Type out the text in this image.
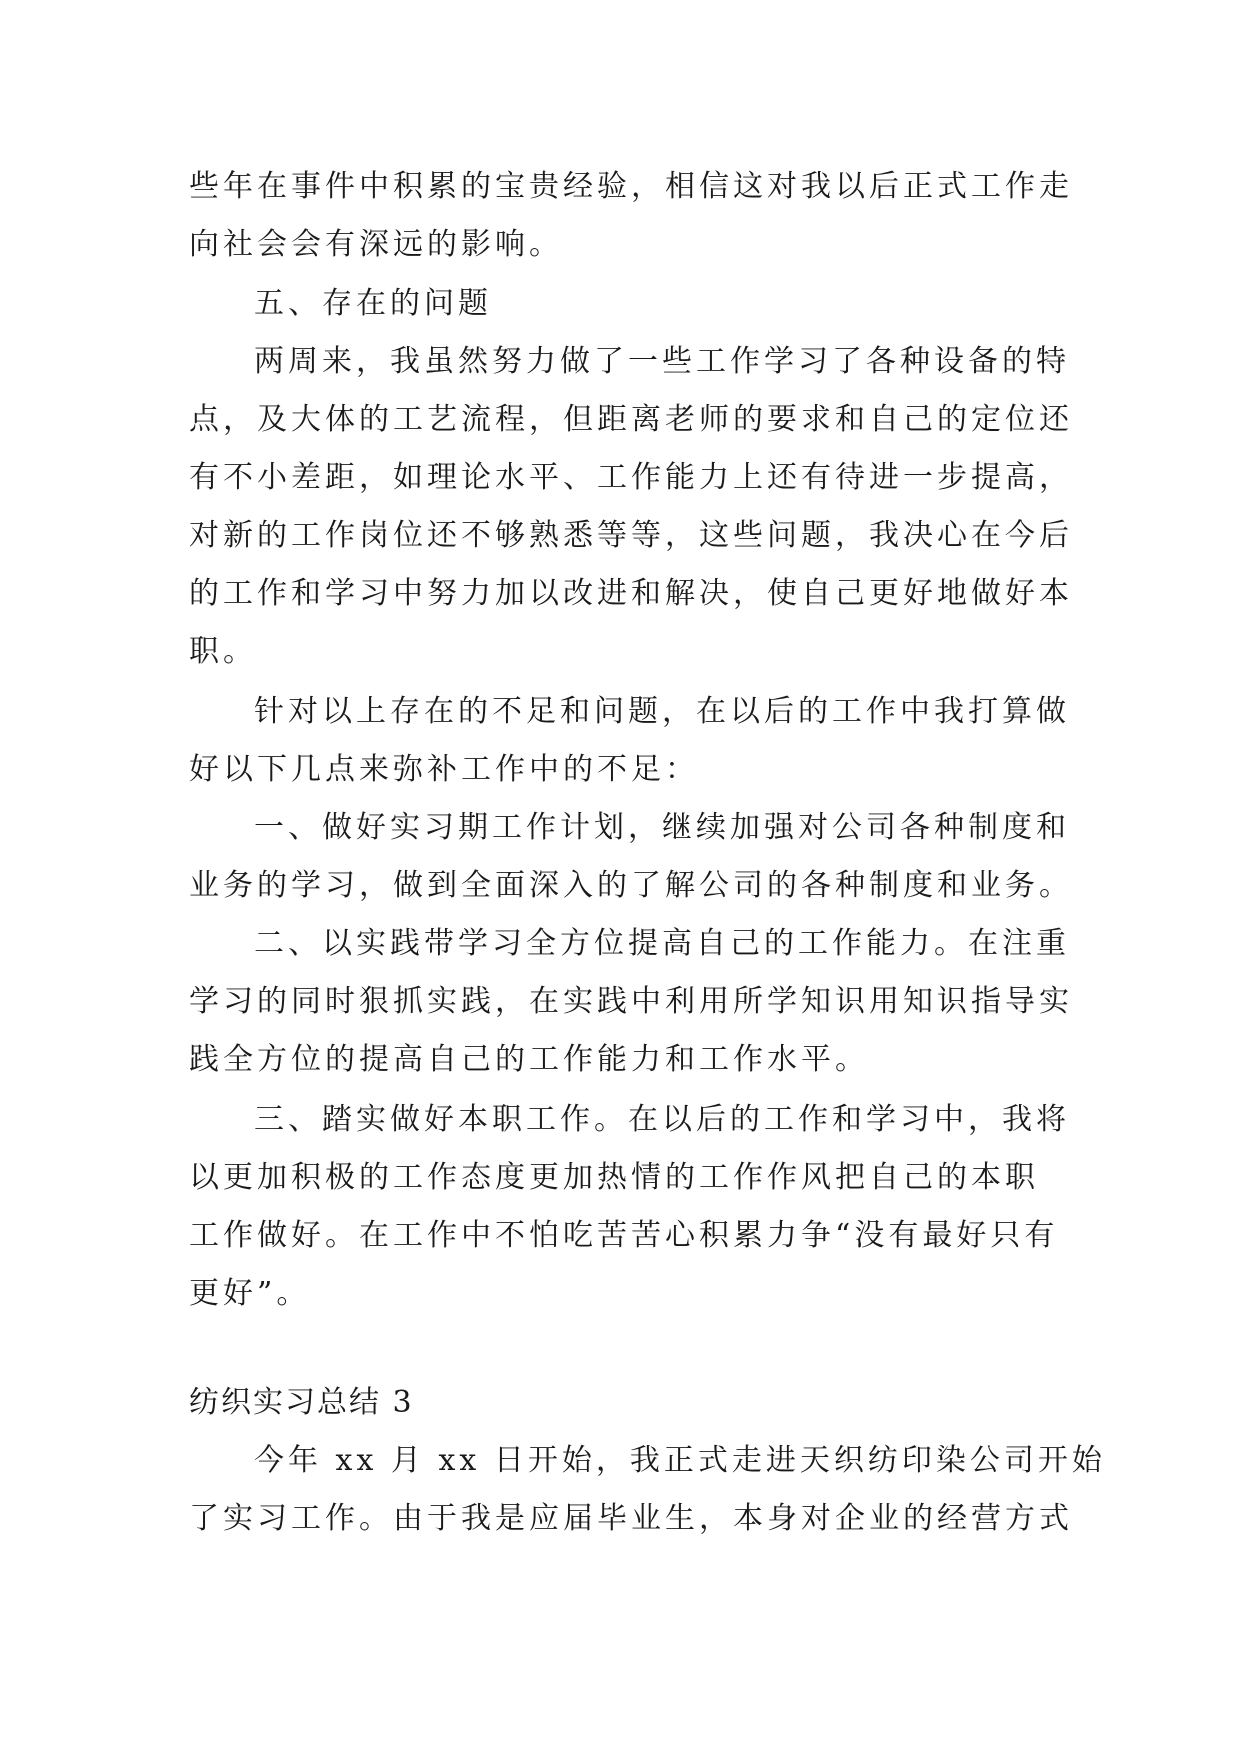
些年在事件中积累的宝贵经验，相信这对我以后正式工作走
向社会会有深远的影响。
五、存在的问题
两周来，我虽然努力做了一些工作学习了各种设备的特
点，及大体的工艺流程，但距离老师的要求和自己的定位还
有不小差距，如理论水平、工作能力上还有待进一步提高，
对新的工作岗位还不够熟悉等等，这些问题，我决心在今后
的工作和学习中努力加以改进和解决，使自己更好地做好本
职。
针对以上存在的不足和问题，在以后的工作中我打算做
好以下几点来弥补工作中的不足：
一、做好实习期工作计划，继续加强对公司各种制度和
业务的学习，做到全面深入的了解公司的各种制度和业务。
二、以实践带学习全方位提高自己的工作能力。在注重
学习的同时狠抓实践，在实践中利用所学知识用知识指导实
践全方位的提高自己的工作能力和工作水平。
三、踏实做好本职工作。在以后的工作和学习中，我将
以更加积极的工作态度更加热情的工作作风把自己的本职
工作做好。在工作中不怕吃苦苦心积累力争“没有最好只有
更好”。
纺织实习总结 3
今年 xx 月 xx 日开始，我正式走进天织纺印染公司开始
了实习工作。由于我是应届毕业生，本身对企业的经营方式
